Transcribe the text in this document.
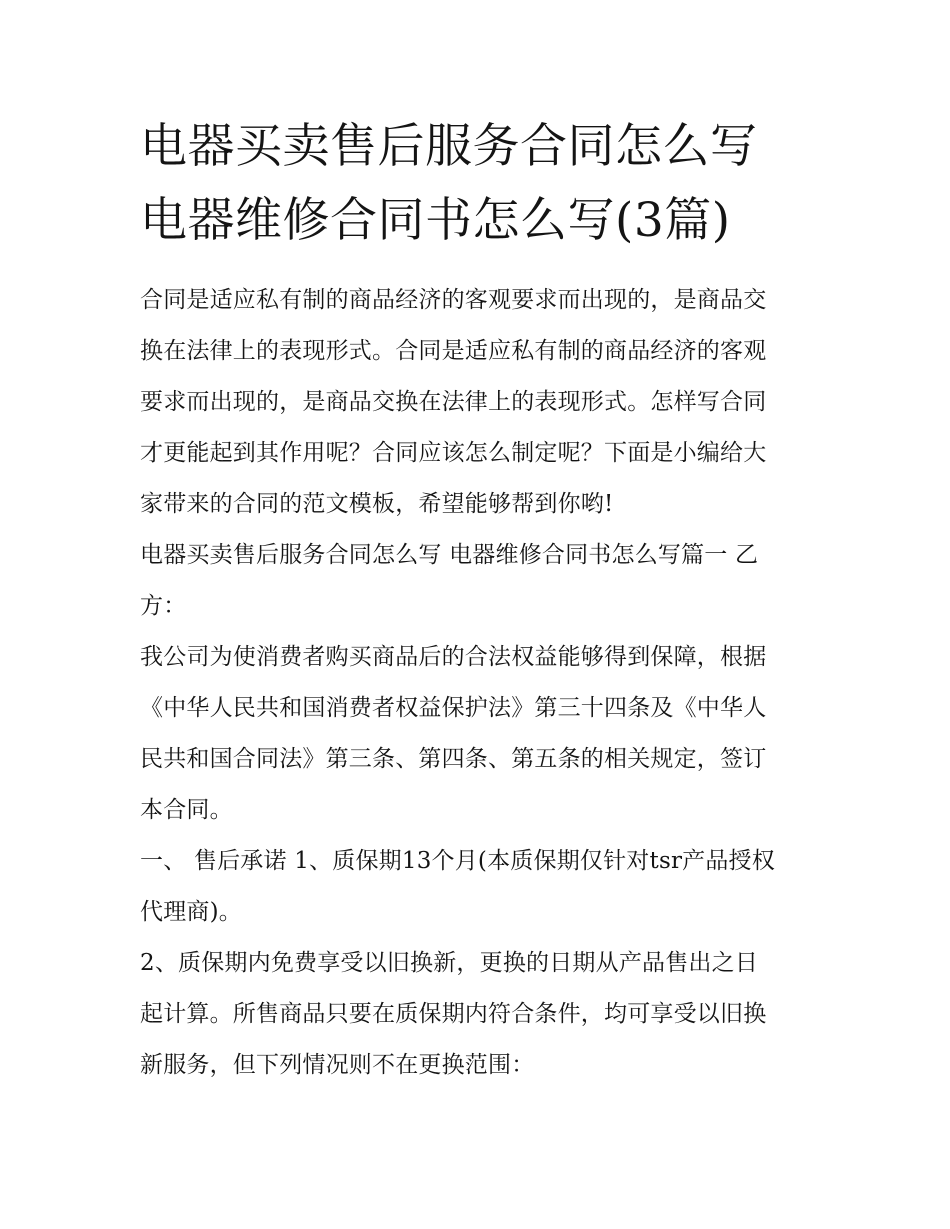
电器买卖售后服务合同怎么写
电器维修合同书怎么写(3篇)
合同是适应私有制的商品经济的客观要求而出现的，是商品交
换在法律上的表现形式。合同是适应私有制的商品经济的客观
要求而出现的，是商品交换在法律上的表现形式。怎样写合同
才更能起到其作用呢？合同应该怎么制定呢？下面是小编给大
家带来的合同的范文模板，希望能够帮到你哟!
电器买卖售后服务合同怎么写 电器维修合同书怎么写篇一 乙
方：
我公司为使消费者购买商品后的合法权益能够得到保障，根据
《中华人民共和国消费者权益保护法》第三十四条及《中华人
民共和国合同法》第三条、第四条、第五条的相关规定，签订
本合同。
一、 售后承诺 1、质保期13个月(本质保期仅针对tsr产品授权
代理商)。
2、质保期内免费享受以旧换新，更换的日期从产品售出之日
起计算。所售商品只要在质保期内符合条件，均可享受以旧换
新服务，但下列情况则不在更换范围：
